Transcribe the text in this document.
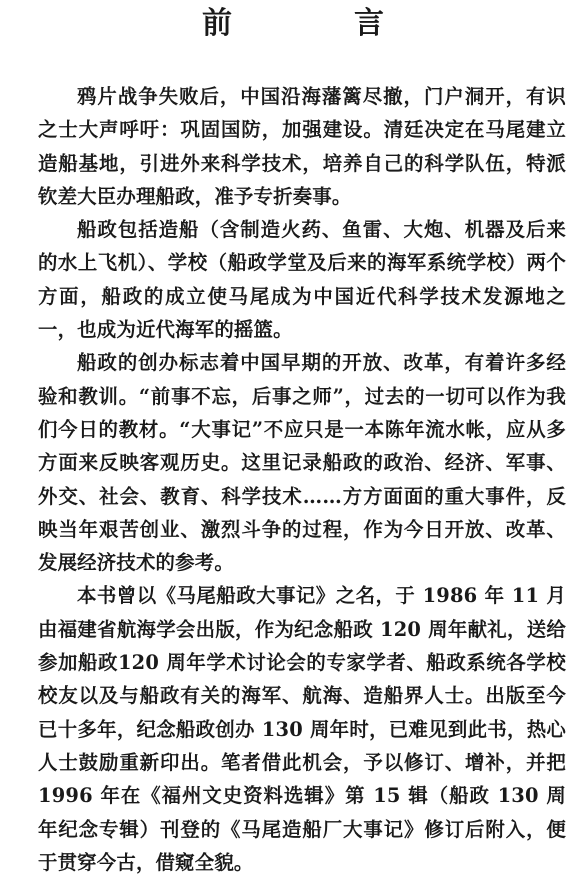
前　言

鸦片战争失败后，中国沿海藩篱尽撤，门户洞开，有识之士大声呼吁：巩固国防，加强建设。清廷决定在马尾建立造船基地，引进外来科学技术，培养自己的科学队伍，特派钦差大臣办理船政，准予专折奏事。

船政包括造船（含制造火药、鱼雷、大炮、机器及后来的水上飞机）、学校（船政学堂及后来的海军系统学校）两个方面，船政的成立使马尾成为中国近代科学技术发源地之一，也成为近代海军的摇篮。

船政的创办标志着中国早期的开放、改革，有着许多经验和教训。“前事不忘，后事之师”，过去的一切可以作为我们今日的教材。“大事记”不应只是一本陈年流水帐，应从多方面来反映客观历史。这里记录船政的政治、经济、军事、外交、社会、教育、科学技术……方方面面的重大事件，反映当年艰苦创业、激烈斗争的过程，作为今日开放、改革、发展经济技术的参考。

本书曾以《马尾船政大事记》之名，于 1986 年 11 月由福建省航海学会出版，作为纪念船政 120 周年献礼，送给参加船政120 周年学术讨论会的专家学者、船政系统各学校校友以及与船政有关的海军、航海、造船界人士。出版至今已十多年，纪念船政创办 130 周年时，已难见到此书，热心人士鼓励重新印出。笔者借此机会，予以修订、增补，并把 1996 年在《福州文史资料选辑》第 15 辑（船政 130 周年纪念专辑）刊登的《马尾造船厂大事记》修订后附入，便于贯穿今古，借窥全貌。
